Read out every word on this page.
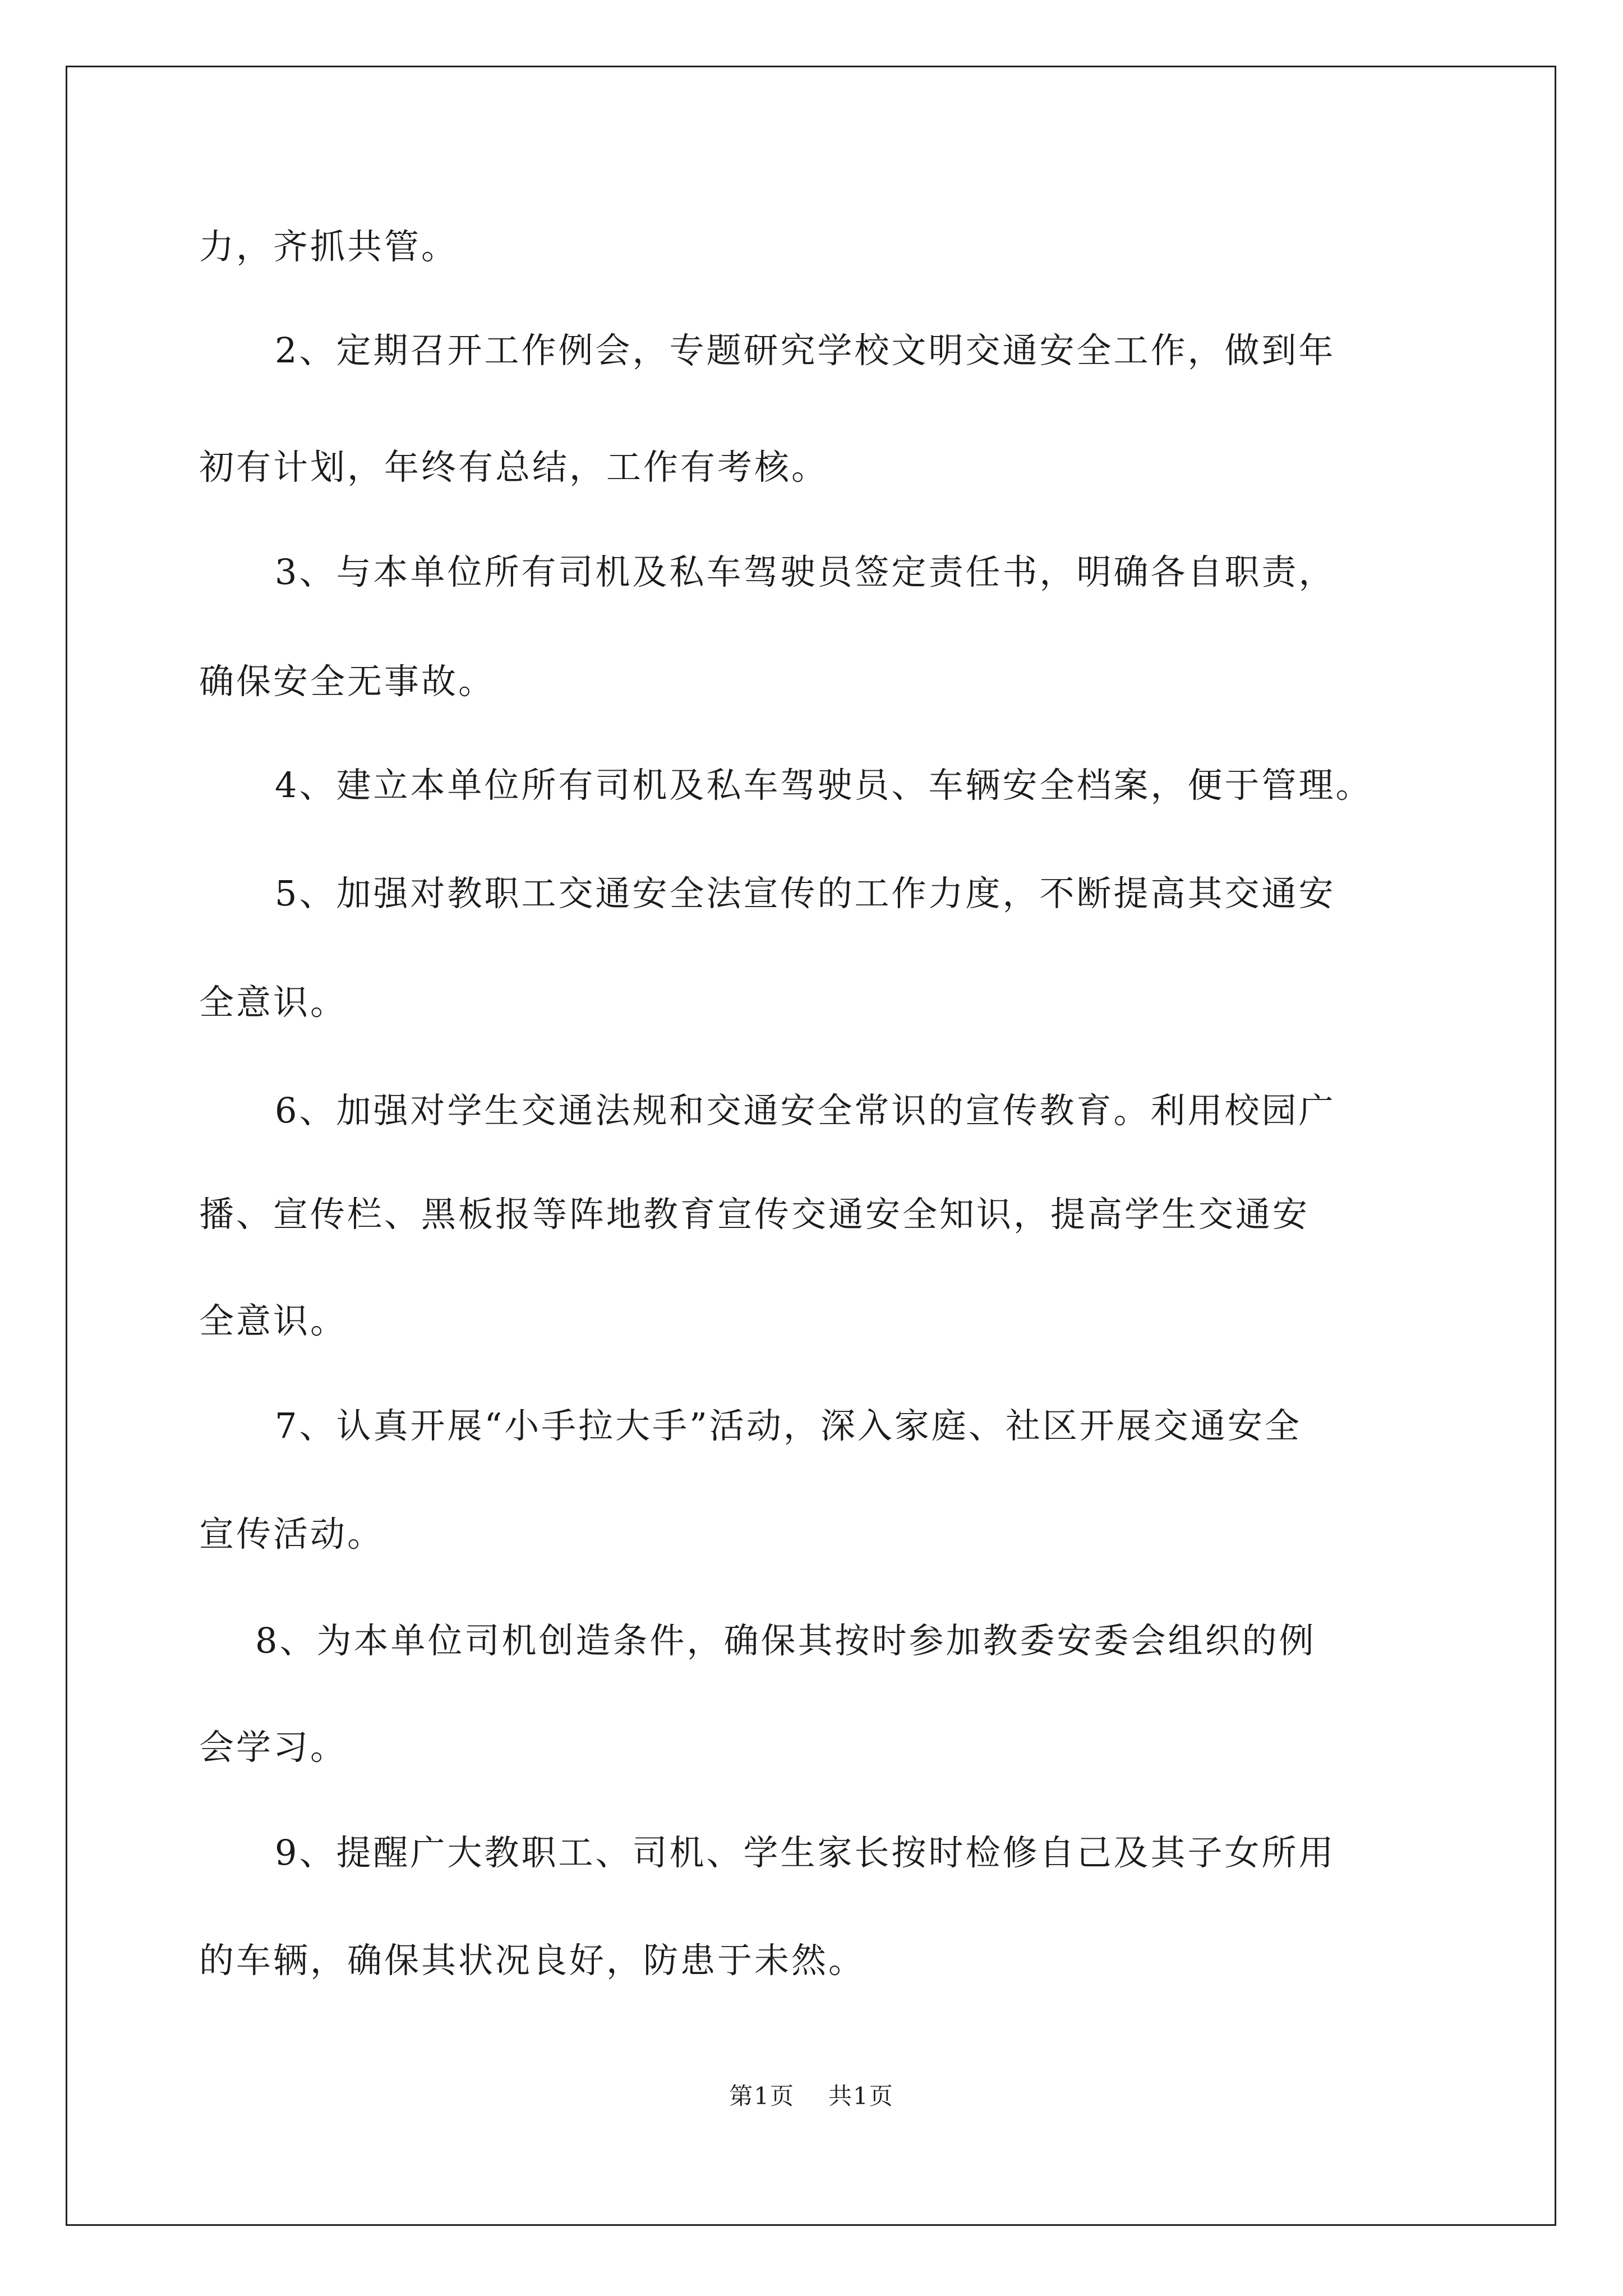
力，齐抓共管。
2、定期召开工作例会，专题研究学校文明交通安全工作，做到年
初有计划，年终有总结，工作有考核。
3、与本单位所有司机及私车驾驶员签定责任书，明确各自职责，
确保安全无事故。
4、建立本单位所有司机及私车驾驶员、车辆安全档案，便于管理。
5、加强对教职工交通安全法宣传的工作力度，不断提高其交通安
全意识。
6、加强对学生交通法规和交通安全常识的宣传教育。利用校园广
播、宣传栏、黑板报等阵地教育宣传交通安全知识，提高学生交通安
全意识。
7、认真开展“小手拉大手”活动，深入家庭、社区开展交通安全
宣传活动。
8、为本单位司机创造条件，确保其按时参加教委安委会组织的例
会学习。
9、提醒广大教职工、司机、学生家长按时检修自己及其子女所用
的车辆，确保其状况良好，防患于未然。
第1页 共1页
